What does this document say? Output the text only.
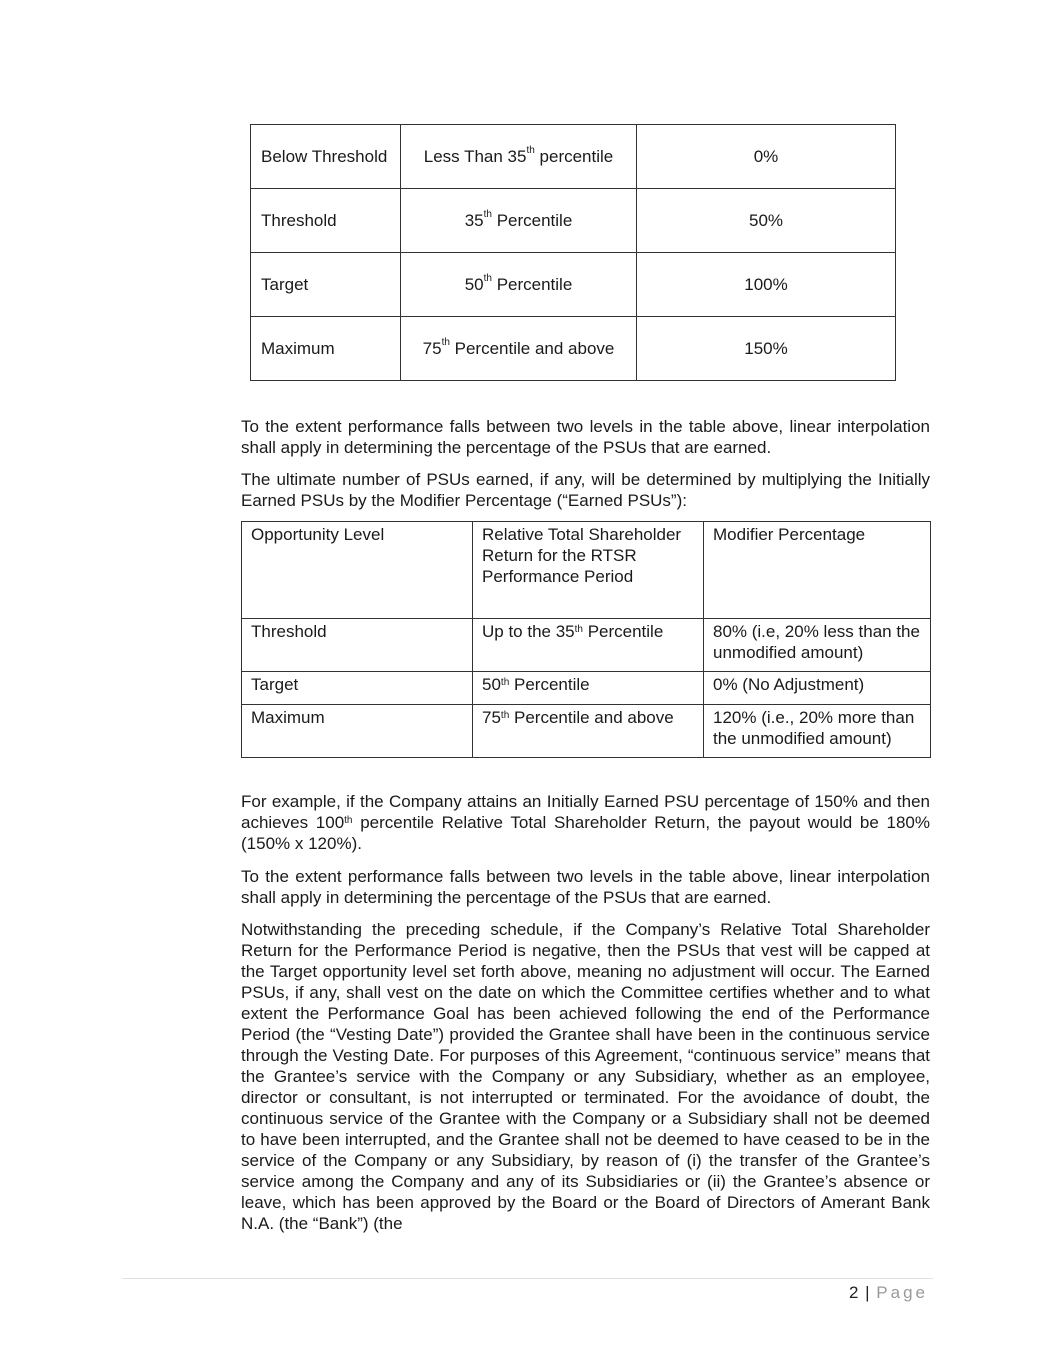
Below Threshold	Less Than 35th percentile	0%
Threshold	35th Percentile	50%
Target	50th Percentile	100%
Maximum	75th Percentile and above	150%

To the extent performance falls between two levels in the table above, linear interpolation shall apply in determining the percentage of the PSUs that are earned.

The ultimate number of PSUs earned, if any, will be determined by multiplying the Initially Earned PSUs by the Modifier Percentage (“Earned PSUs”):

Opportunity Level	Relative Total Shareholder Return for the RTSR Performance Period	Modifier Percentage
Threshold	Up to the 35th Percentile	80% (i.e, 20% less than the unmodified amount)
Target	50th Percentile	0% (No Adjustment)
Maximum	75th Percentile and above	120% (i.e., 20% more than the unmodified amount)

For example, if the Company attains an Initially Earned PSU percentage of 150% and then achieves 100th percentile Relative Total Shareholder Return, the payout would be 180% (150% x 120%).

To the extent performance falls between two levels in the table above, linear interpolation shall apply in determining the percentage of the PSUs that are earned.

Notwithstanding the preceding schedule, if the Company’s Relative Total Shareholder Return for the Performance Period is negative, then the PSUs that vest will be capped at the Target opportunity level set forth above, meaning no adjustment will occur. The Earned PSUs, if any, shall vest on the date on which the Committee certifies whether and to what extent the Performance Goal has been achieved following the end of the Performance Period (the “Vesting Date”) provided the Grantee shall have been in the continuous service through the Vesting Date. For purposes of this Agreement, “continuous service” means that the Grantee’s service with the Company or any Subsidiary, whether as an employee, director or consultant, is not interrupted or terminated. For the avoidance of doubt, the continuous service of the Grantee with the Company or a Subsidiary shall not be deemed to have been interrupted, and the Grantee shall not be deemed to have ceased to be in the service of the Company or any Subsidiary, by reason of (i) the transfer of the Grantee’s service among the Company and any of its Subsidiaries or (ii) the Grantee’s absence or leave, which has been approved by the Board or the Board of Directors of Amerant Bank N.A. (the “Bank”) (the

2 | Page
